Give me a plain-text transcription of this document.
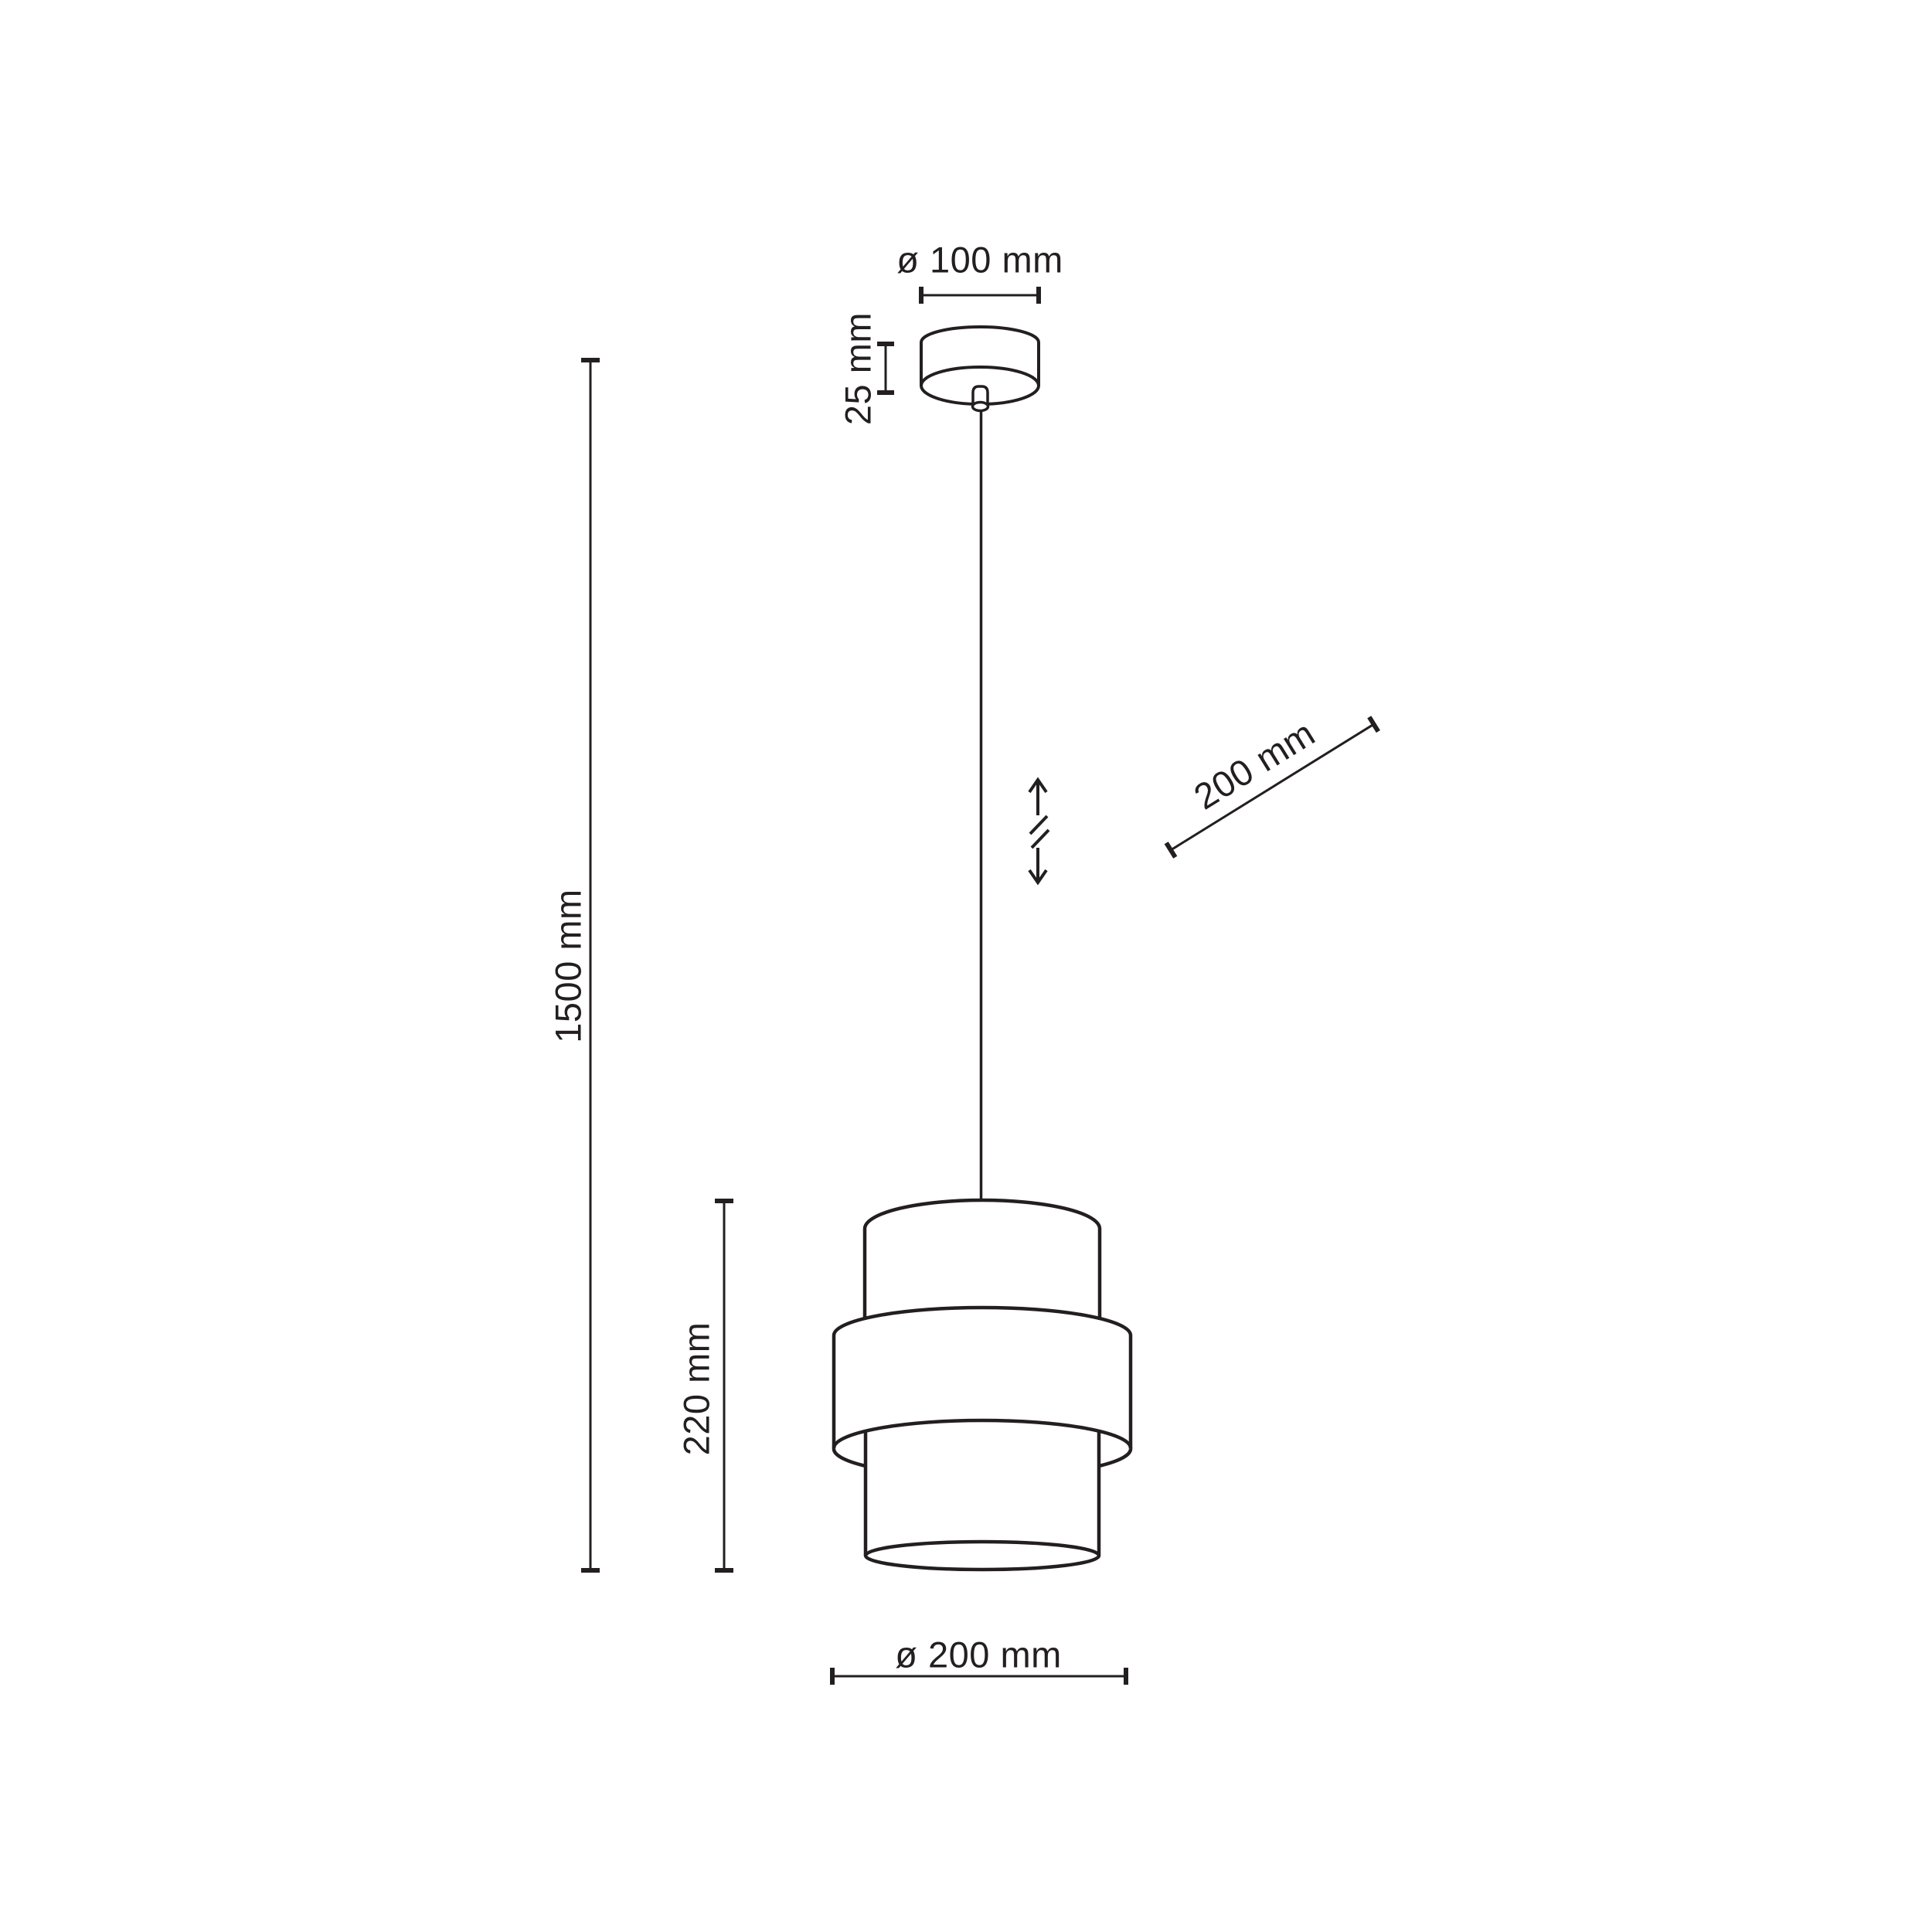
ø 100 mm
25 mm
1500 mm
220 mm
ø 200 mm
200 mm
